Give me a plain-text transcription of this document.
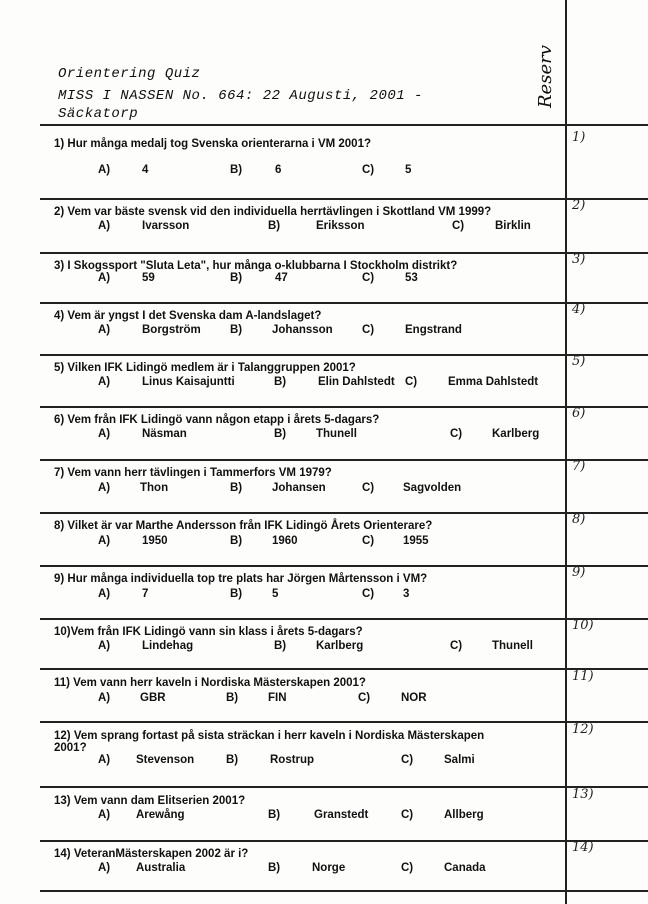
Orientering Quiz
MISS I NASSEN No. 664: 22 Augusti, 2001 -
Säckatorp
Reserv
1) Hur många medalj tog Svenska orienterarna i VM 2001?
A)	4	B)	6	C)	5
1)
2) Vem var bäste svensk vid den individuella herrtävlingen i Skottland VM 1999?
A)	Ivarsson	B)	Eriksson	C)	Birklin
2)
3) I Skogssport "Sluta Leta", hur många o-klubbarna I Stockholm distrikt?
A)	59	B)	47	C)	53
3)
4) Vem är yngst I det Svenska dam A-landslaget?
A)	Borgström	B)	Johansson	C)	Engstrand
4)
5) Vilken IFK Lidingö medlem är i Talanggruppen 2001?
A)	Linus Kaisajuntti	B)	Elin Dahlstedt C)	Emma Dahlstedt
5)
6) Vem från IFK Lidingö vann någon etapp i årets 5-dagars?
A)	Näsman	B)	Thunell	C)	Karlberg
6)
7) Vem vann herr tävlingen i Tammerfors VM 1979?
A)	Thon	B)	Johansen	C)	Sagvolden
7)
8) Vilket är var Marthe Andersson från IFK Lidingö Årets Orienterare?
A)	1950	B)	1960	C)	1955
8)
9) Hur många individuella top tre plats har Jörgen Mårtensson i VM?
A)	7	B)	5	C)	3
9)
10)Vem från IFK Lidingö vann sin klass i årets 5-dagars?
A)	Lindehag	B)	Karlberg	C)	Thunell
10)
11) Vem vann herr kaveln i Nordiska Mästerskapen 2001?
A)	GBR	B)	FIN	C)	NOR
11)
12) Vem sprang fortast på sista sträckan i herr kaveln i Nordiska Mästerskapen
2001?
A) Stevenson	B)	Rostrup	C)	Salmi
12)
13) Vem vann dam Elitserien 2001?
A) Arewång	B)	Granstedt	C)	Allberg
13)
14) VeteranMästerskapen 2002 är i?
A) Australia	B)	Norge	C)	Canada
14)
